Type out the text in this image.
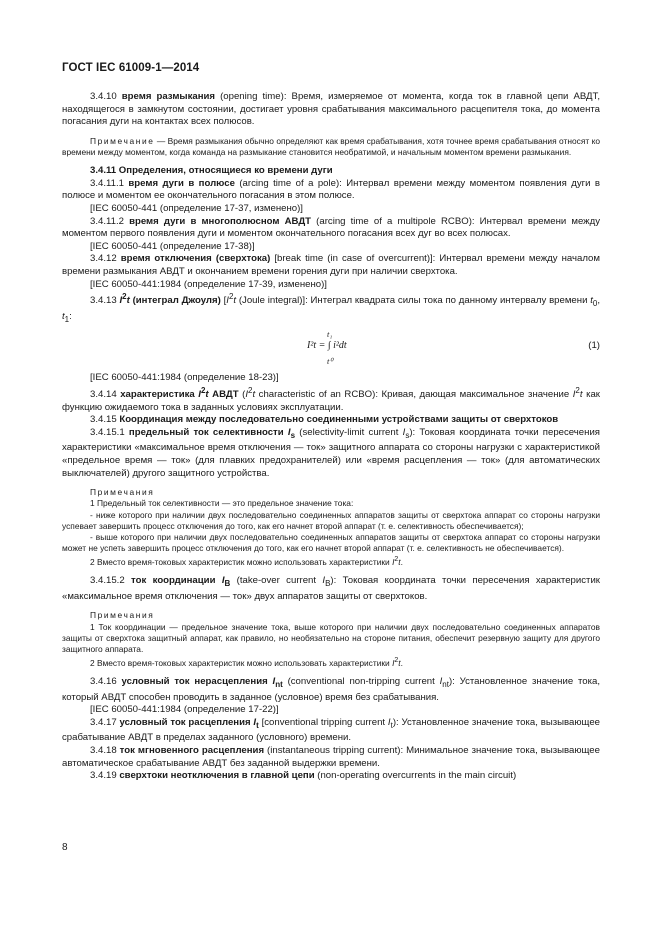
ГОСТ IEC 61009-1—2014

3.4.10 время размыкания (opening time): Время, измеряемое от момента, когда ток в главной цепи АВДТ, находящегося в замкнутом состоянии, достигает уровня срабатывания максимального расцепителя тока, до момента погасания дуги на контактах всех полюсов.

Примечание — Время размыкания обычно определяют как время срабатывания, хотя точнее время срабатывания относят ко времени между моментом, когда команда на размыкание становится необратимой, и начальным моментом времени размыкания.

3.4.11 Определения, относящиеся ко времени дуги

3.4.11.1 время дуги в полюсе (arcing time of a pole): Интервал времени между моментом появления дуги в полюсе и моментом ее окончательного погасания в этом полюсе.

[IEC 60050-441 (определение 17-37, изменено)]

3.4.11.2 время дуги в многополюсном АВДТ (arcing time of a multipole RCBO): Интервал времени между моментом первого появления дуги и моментом окончательного погасания всех дуг во всех полюсах.

[IEC 60050-441 (определение 17-38)]

3.4.12 время отключения (сверхтока) [break time (in case of overcurrent)]: Интервал времени между началом времени размыкания АВДТ и окончанием времени горения дуги при наличии сверхтока.

[IEC 60050-441:1984 (определение 17-39, изменено)]

3.4.13 $I^2t$ (интеграл Джоуля) [$I^2t$ (Joule integral)]: Интеграл квадрата силы тока по данному интервалу времени $t_0$, $t_1$:

t₁
I²t = ∫ i²dt
t⁰
(1)

[IEC 60050-441:1984 (определение 18-23)]

3.4.14 характеристика $I^2t$ АВДТ ($I^2t$ characteristic of an RCBO): Кривая, дающая максимальное значение $I^2t$ как функцию ожидаемого тока в заданных условиях эксплуатации.

3.4.15 Координация между последовательно соединенными устройствами защиты от сверхтоков

3.4.15.1 предельный ток селективности $I_s$ (selectivity-limit current $I_s$): Токовая координата точки пересечения характеристики «максимальное время отключения — ток» защитного аппарата со стороны нагрузки с характеристикой «предельное время — ток» (для плавких предохранителей) или «время расцепления — ток» (для автоматических выключателей) другого защитного устройства.

Примечания

1 Предельный ток селективности — это предельное значение тока:

- ниже которого при наличии двух последовательно соединенных аппаратов защиты от сверхтока аппарат со стороны нагрузки успевает завершить процесс отключения до того, как его начнет второй аппарат (т. е. селективность обеспечивается);

- выше которого при наличии двух последовательно соединенных аппаратов защиты от сверхтока аппарат со стороны нагрузки может не успеть завершить процесс отключения до того, как его начнет второй аппарат (т. е. селективность не обеспечивается).

2 Вместо время-токовых характеристик можно использовать характеристики $I^2t$.

3.4.15.2 ток координации $I_B$ (take-over current $I_B$): Токовая координата точки пересечения характеристик «максимальное время отключения — ток» двух аппаратов защиты от сверхтоков.

Примечания

1 Ток координации — предельное значение тока, выше которого при наличии двух последовательно соединенных аппаратов защиты от сверхтока защитный аппарат, как правило, но необязательно на стороне питания, обеспечит резервную защиту для другого защитного аппарата.

2 Вместо время-токовых характеристик можно использовать характеристики $I^2t$.

3.4.16 условный ток нерасцепления $I_{nt}$ (conventional non-tripping current $I_{nt}$): Установленное значение тока, который АВДТ способен проводить в заданное (условное) время без срабатывания.

[IEC 60050-441:1984 (определение 17-22)]

3.4.17 условный ток расцепления $I_t$ [conventional tripping current $I_t$): Установленное значение тока, вызывающее срабатывание АВДТ в пределах заданного (условного) времени.

3.4.18 ток мгновенного расцепления (instantaneous tripping current): Минимальное значение тока, вызывающее автоматическое срабатывание АВДТ без заданной выдержки времени.

3.4.19 сверхтоки неотключения в главной цепи (non-operating overcurrents in the main circuit)

8
